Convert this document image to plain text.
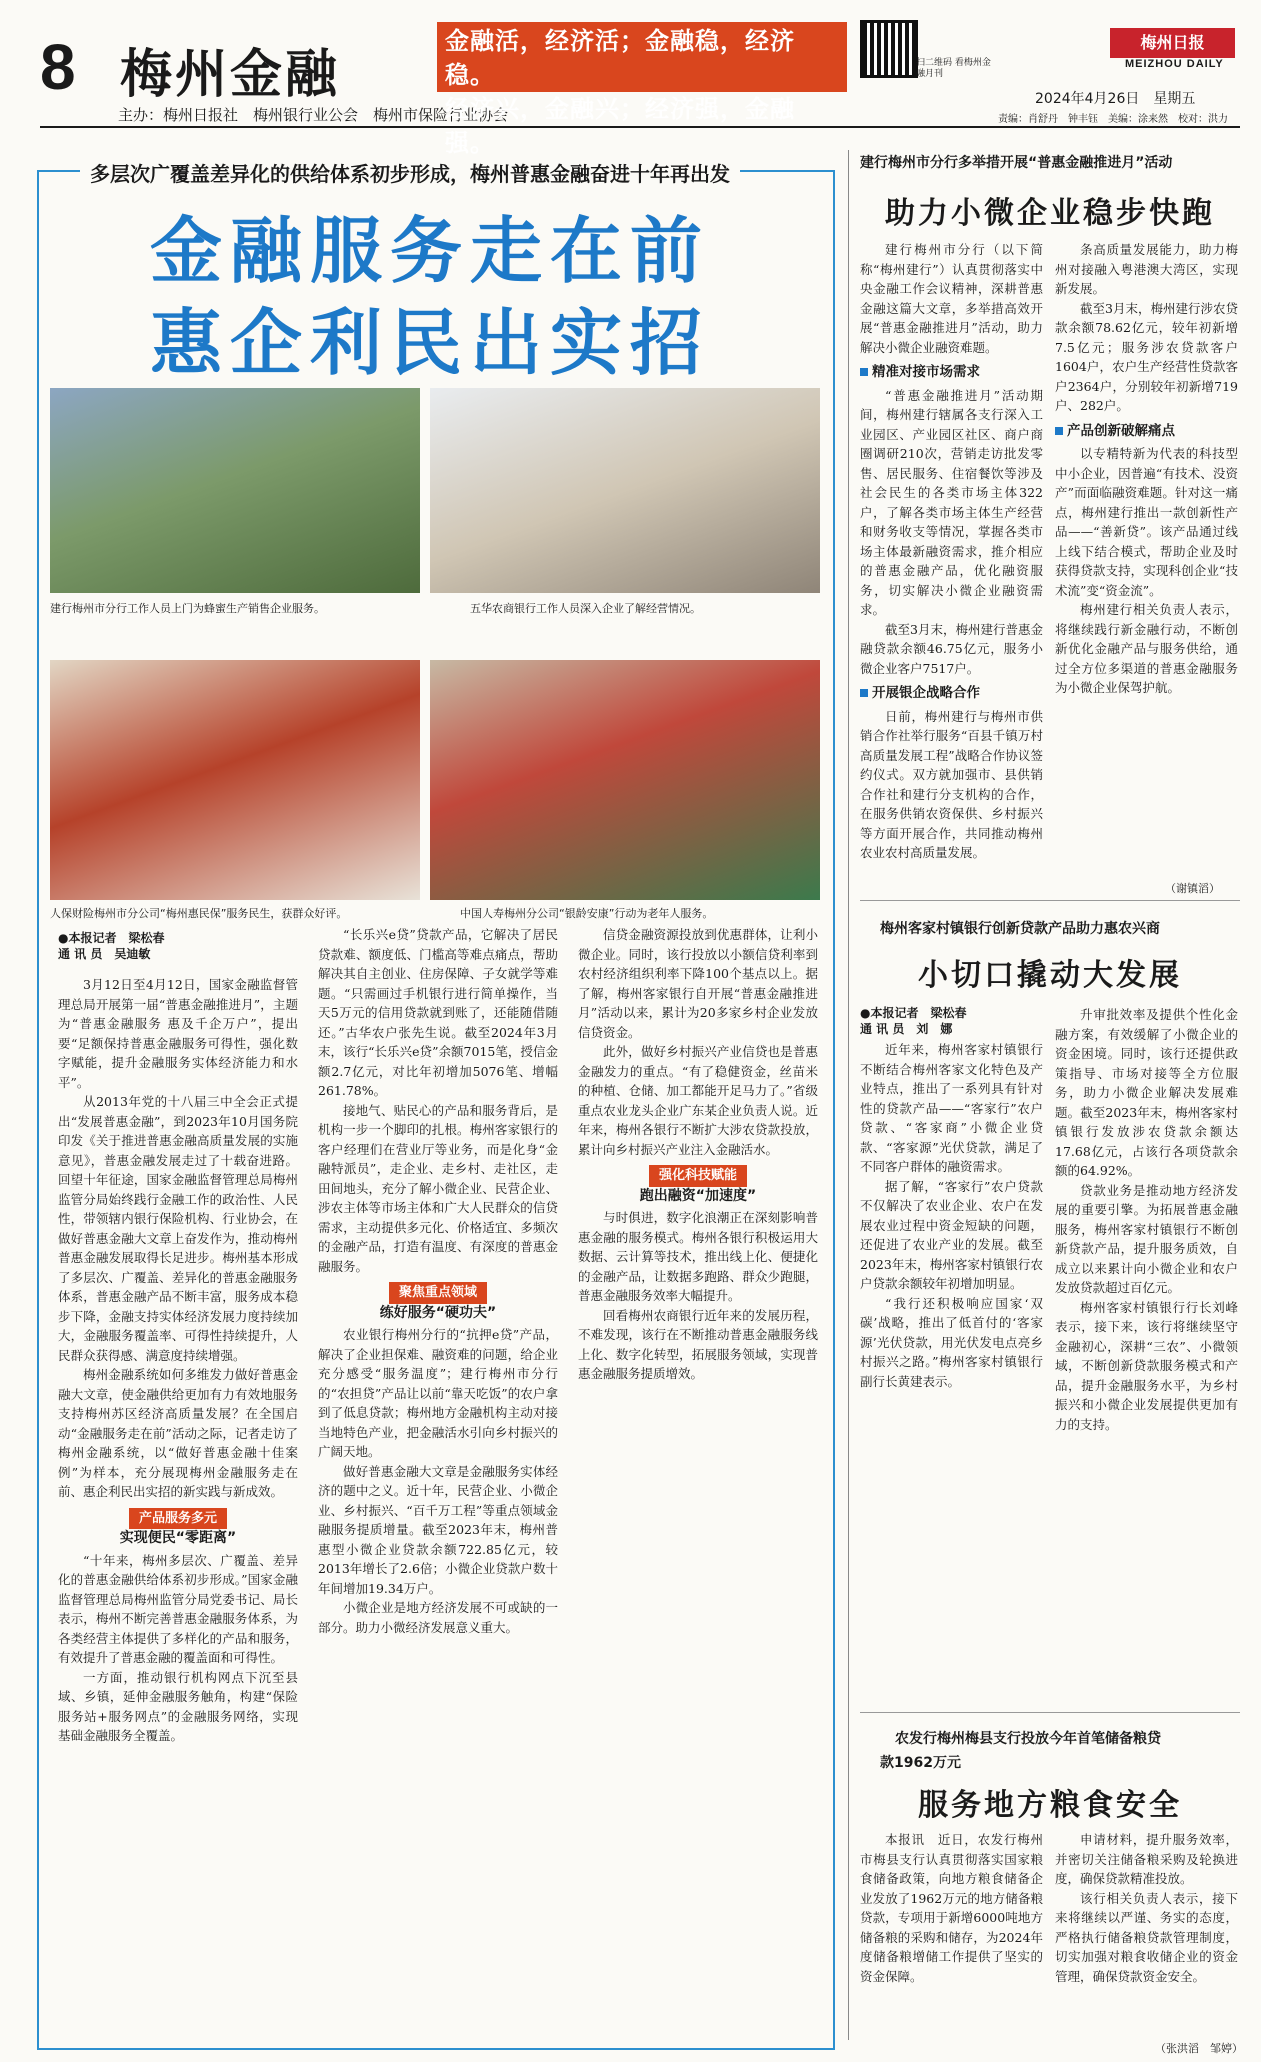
8 梅州金融
主办：梅州日报社　梅州银行业公会　梅州市保险行业协会
金融活，经济活；金融稳，经济稳。
经济兴，金融兴；经济强，金融强。
扫二维码 看梅州金融月刊
梅州日报
MEIZHOU DAILY
2024年4月26日　星期五
责编：肖舒丹　钟丰钰　美编：涂来然　校对：洪力
多层次广覆盖差异化的供给体系初步形成，梅州普惠金融奋进十年再出发
金融服务走在前
惠企利民出实招
建行梅州市分行工作人员上门为蜂蜜生产销售企业服务。	五华农商银行工作人员深入企业了解经营情况。
人保财险梅州市分公司“梅州惠民保”服务民生，获群众好评。	中国人寿梅州分公司“银龄安康”行动为老年人服务。
●本报记者　梁松春
通 讯 员　吴迪敏

3月12日至4月12日，国家金融监督管理总局开展第一届“普惠金融推进月”，主题为“普惠金融服务 惠及千企万户”，提出要“足额保持普惠金融服务可得性，强化数字赋能，提升金融服务实体经济能力和水平”。

从2013年党的十八届三中全会正式提出“发展普惠金融”，到2023年10月国务院印发《关于推进普惠金融高质量发展的实施意见》，普惠金融发展走过了十载奋进路。回望十年征途，国家金融监督管理总局梅州监管分局始终践行金融工作的政治性、人民性，带领辖内银行保险机构、行业协会，在做好普惠金融大文章上奋发作为，推动梅州普惠金融发展取得长足进步。梅州基本形成了多层次、广覆盖、差异化的普惠金融服务体系，普惠金融产品不断丰富，服务成本稳步下降，金融支持实体经济发展力度持续加大，金融服务覆盖率、可得性持续提升，人民群众获得感、满意度持续增强。

梅州金融系统如何多维发力做好普惠金融大文章，使金融供给更加有力有效地服务支持梅州苏区经济高质量发展？在全国启动“金融服务走在前”活动之际，记者走访了梅州金融系统，以“做好普惠金融十佳案例”为样本，充分展现梅州金融服务走在前、惠企利民出实招的新实践与新成效。

产品服务多元
实现便民“零距离”

“十年来，梅州多层次、广覆盖、差异化的普惠金融供给体系初步形成。”国家金融监督管理总局梅州监管分局党委书记、局长表示，梅州不断完善普惠金融服务体系，为各类经营主体提供了多样化的产品和服务，有效提升了普惠金融的覆盖面和可得性。

一方面，推动银行机构网点下沉至县域、乡镇，延伸金融服务触角，构建“保险服务站+服务网点”的金融服务网络，实现基础金融服务全覆盖。

“长乐兴e贷”贷款产品，它解决了居民贷款难、额度低、门槛高等难点痛点，帮助解决其自主创业、住房保障、子女就学等难题。“只需画过手机银行进行简单操作，当天5万元的信用贷款就到账了，还能随借随还。”古华农户张先生说。截至2024年3月末，该行“长乐兴e贷”余额7015笔，授信金额2.7亿元，对比年初增加5076笔、增幅261.78%。

接地气、贴民心的产品和服务背后，是机构一步一个脚印的扎根。梅州客家银行的客户经理们在营业厅等业务，而是化身“金融特派员”，走企业、走乡村、走社区，走田间地头，充分了解小微企业、民营企业、涉农主体等市场主体和广大人民群众的信贷需求，主动提供多元化、价格适宜、多频次的金融产品，打造有温度、有深度的普惠金融服务。

聚焦重点领域
练好服务“硬功夫”

农业银行梅州分行的“抗押e贷”产品，解决了企业担保难、融资难的问题，给企业充分感受“服务温度”；建行梅州市分行的“农担贷”产品让以前“靠天吃饭”的农户拿到了低息贷款；梅州地方金融机构主动对接当地特色产业，把金融活水引向乡村振兴的广阔天地。

做好普惠金融大文章是金融服务实体经济的题中之义。近十年，民营企业、小微企业、乡村振兴、“百千万工程”等重点领域金融服务提质增量。截至2023年末，梅州普惠型小微企业贷款余额722.85亿元，较2013年增长了2.6倍；小微企业贷款户数十年间增加19.34万户。

小微企业是地方经济发展不可或缺的一部分。助力小微经济发展意义重大。

信贷金融资源投放到优惠群体，让利小微企业。同时，该行投放以小额信贷利率到农村经济组织利率下降100个基点以上。据了解，梅州客家银行自开展“普惠金融推进月”活动以来，累计为20多家乡村企业发放信贷资金。

此外，做好乡村振兴产业信贷也是普惠金融发力的重点。“有了稳健资金，丝苗米的种植、仓储、加工都能开足马力了。”省级重点农业龙头企业广东某企业负责人说。近年来，梅州各银行不断扩大涉农贷款投放，累计向乡村振兴产业注入金融活水。

强化科技赋能
跑出融资“加速度”

与时俱进，数字化浪潮正在深刻影响普惠金融的服务模式。梅州各银行积极运用大数据、云计算等技术，推出线上化、便捷化的金融产品，让数据多跑路、群众少跑腿，普惠金融服务效率大幅提升。

回看梅州农商银行近年来的发展历程，不难发现，该行在不断推动普惠金融服务线上化、数字化转型，拓展服务领域，实现普惠金融服务提质增效。

建行梅州市分行多举措开展“普惠金融推进月”活动
助力小微企业稳步快跑

建行梅州市分行（以下简称“梅州建行”）认真贯彻落实中央金融工作会议精神，深耕普惠金融这篇大文章，多举措高效开展“普惠金融推进月”活动，助力解决小微企业融资难题。

精准对接市场需求

“普惠金融推进月”活动期间，梅州建行辖属各支行深入工业园区、产业园区社区、商户商圈调研210次，营销走访批发零售、居民服务、住宿餐饮等涉及社会民生的各类市场主体322户，了解各类市场主体生产经营和财务收支等情况，掌握各类市场主体最新融资需求，推介相应的普惠金融产品，优化融资服务，切实解决小微企业融资需求。

截至3月末，梅州建行普惠金融贷款余额46.75亿元，服务小微企业客户7517户。

开展银企战略合作

日前，梅州建行与梅州市供销合作社举行服务“百县千镇万村高质量发展工程”战略合作协议签约仪式。双方就加强市、县供销合作社和建行分支机构的合作，在服务供销农资保供、乡村振兴等方面开展合作，共同推动梅州农业农村高质量发展。

条高质量发展能力，助力梅州对接融入粤港澳大湾区，实现新发展。

截至3月末，梅州建行涉农贷款余额78.62亿元，较年初新增7.5亿元；服务涉农贷款客户1604户，农户生产经营性贷款客户2364户，分别较年初新增719户、282户。

产品创新破解痛点

以专精特新为代表的科技型中小企业，因普遍“有技术、没资产”而面临融资难题。针对这一痛点，梅州建行推出一款创新性产品——“善新贷”。该产品通过线上线下结合模式，帮助企业及时获得贷款支持，实现科创企业“技术流”变“资金流”。

梅州建行相关负责人表示，将继续践行新金融行动，不断创新优化金融产品与服务供给，通过全方位多渠道的普惠金融服务为小微企业保驾护航。

（谢镇滔）
梅州客家村镇银行创新贷款产品助力惠农兴商
小切口撬动大发展
●本报记者　梁松春
通 讯 员　刘　娜

近年来，梅州客家村镇银行不断结合梅州客家文化特色及产业特点，推出了一系列具有针对性的贷款产品——“客家行”农户贷款、“客家商”小微企业贷款、“客家源”光伏贷款，满足了不同客户群体的融资需求。

据了解，“客家行”农户贷款不仅解决了农业企业、农户在发展农业过程中资金短缺的问题，还促进了农业产业的发展。截至2023年末，梅州客家村镇银行农户贷款余额较年初增加明显。

“我行还积极响应国家‘双碳’战略，推出了低首付的‘客家源’光伏贷款，用光伏发电点亮乡村振兴之路。”梅州客家村镇银行副行长黄建表示。

升审批效率及提供个性化金融方案，有效缓解了小微企业的资金困境。同时，该行还提供政策指导、市场对接等全方位服务，助力小微企业解决发展难题。截至2023年末，梅州客家村镇银行发放涉农贷款余额达17.68亿元，占该行各项贷款余额的64.92%。

贷款业务是推动地方经济发展的重要引擎。为拓展普惠金融服务，梅州客家村镇银行不断创新贷款产品，提升服务质效，自成立以来累计向小微企业和农户发放贷款超过百亿元。

梅州客家村镇银行行长刘峰表示，接下来，该行将继续坚守金融初心，深耕“三农”、小微领域，不断创新贷款服务模式和产品，提升金融服务水平，为乡村振兴和小微企业发展提供更加有力的支持。

农发行梅州梅县支行投放今年首笔储备粮贷
款1962万元
服务地方粮食安全

本报讯　近日，农发行梅州市梅县支行认真贯彻落实国家粮食储备政策，向地方粮食储备企业发放了1962万元的地方储备粮贷款，专项用于新增6000吨地方储备粮的采购和储存，为2024年度储备粮增储工作提供了坚实的资金保障。

申请材料，提升服务效率，并密切关注储备粮采购及轮换进度，确保贷款精准投放。

该行相关负责人表示，接下来将继续以严谨、务实的态度，严格执行储备粮贷款管理制度，切实加强对粮食收储企业的资金管理，确保贷款资金安全。

（张洪滔　邹婷）
